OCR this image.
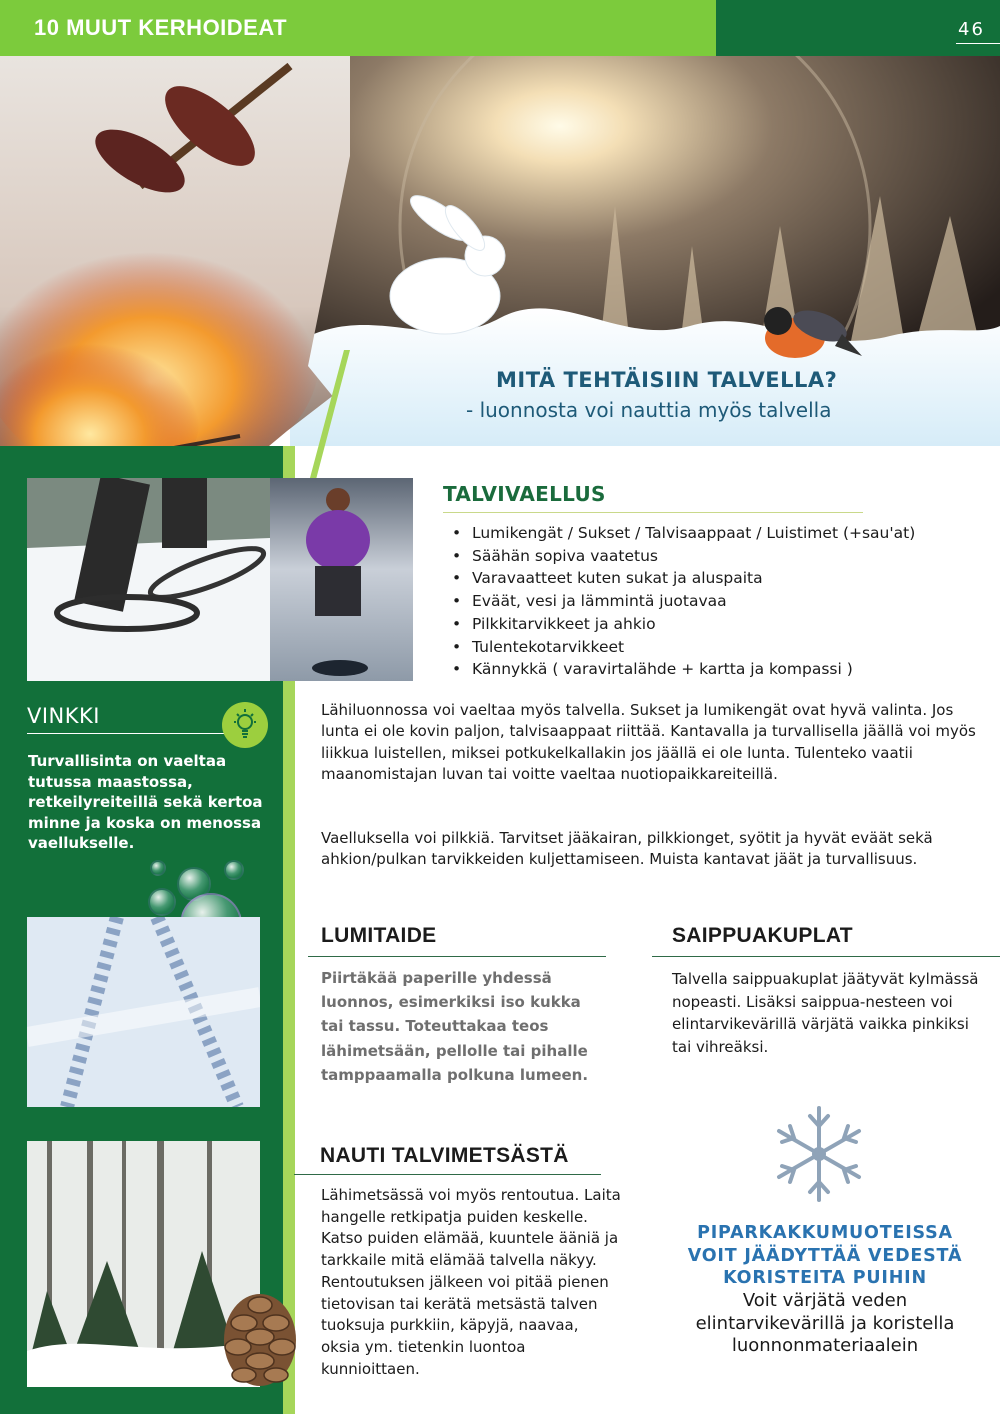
10 MUUT KERHOIDEAT	46
MITÄ TEHTÄISIIN TALVELLA?
- luonnosta voi nauttia myös talvella
VINKKI
Turvallisinta on vaeltaa tutussa maastossa, retkeilyreiteillä sekä kertoa minne ja koska on menossa vaellukselle.
TALVIVAELLUS
• Lumikengät / Sukset / Talvisaappaat / Luistimet (+sau'at)
• Säähän sopiva vaatetus
• Varavaatteet kuten sukat ja aluspaita
• Eväät, vesi ja lämmintä juotavaa
• Pilkkitarvikkeet ja ahkio
• Tulentekotarvikkeet
• Kännykkä ( varavirtalähde + kartta ja kompassi )

Lähiluonnossa voi vaeltaa myös talvella. Sukset ja lumikengät ovat hyvä valinta. Jos lunta ei ole kovin paljon, talvisaappaat riittää. Kantavalla ja turvallisella jäällä voi myös liikkua luistellen, miksei potkukelkallakin jos jäällä ei ole lunta. Tulenteko vaatii maanomistajan luvan tai voitte vaeltaa nuotiopaikkareiteillä.

Vaelluksella voi pilkkiä. Tarvitset jääkairan, pilkkionget, syötit ja hyvät eväät sekä ahkion/pulkan tarvikkeiden kuljettamiseen. Muista kantavat jäät ja turvallisuus.

LUMITAIDE

Piirtäkää paperille yhdessä luonnos, esimerkiksi iso kukka tai tassu. Toteuttakaa teos lähimetsään, pellolle tai pihalle tamppaamalla polkuna lumeen.

SAIPPUAKUPLAT

Talvella saippuakuplat jäätyvät kylmässä nopeasti. Lisäksi saippua-nesteen voi elintarvikevärillä värjätä vaikka pinkiksi tai vihreäksi.

NAUTI TALVIMETSÄSTÄ

Lähimetsässä voi myös rentoutua. Laita hangelle retkipatja puiden keskelle. Katso puiden elämää, kuuntele ääniä ja tarkkaile mitä elämää talvella näkyy. Rentoutuksen jälkeen voi pitää pienen tietovisan tai kerätä metsästä talven tuoksuja purkkiin, käpyjä, naavaa, oksia ym. tietenkin luontoa kunnioittaen.

PIPARKAKKUMUOTEISSA VOIT JÄÄDYTTÄÄ VEDESTÄ KORISTEITA PUIHIN
Voit värjätä veden elintarvikevärillä ja koristella luonnonmateriaalein
